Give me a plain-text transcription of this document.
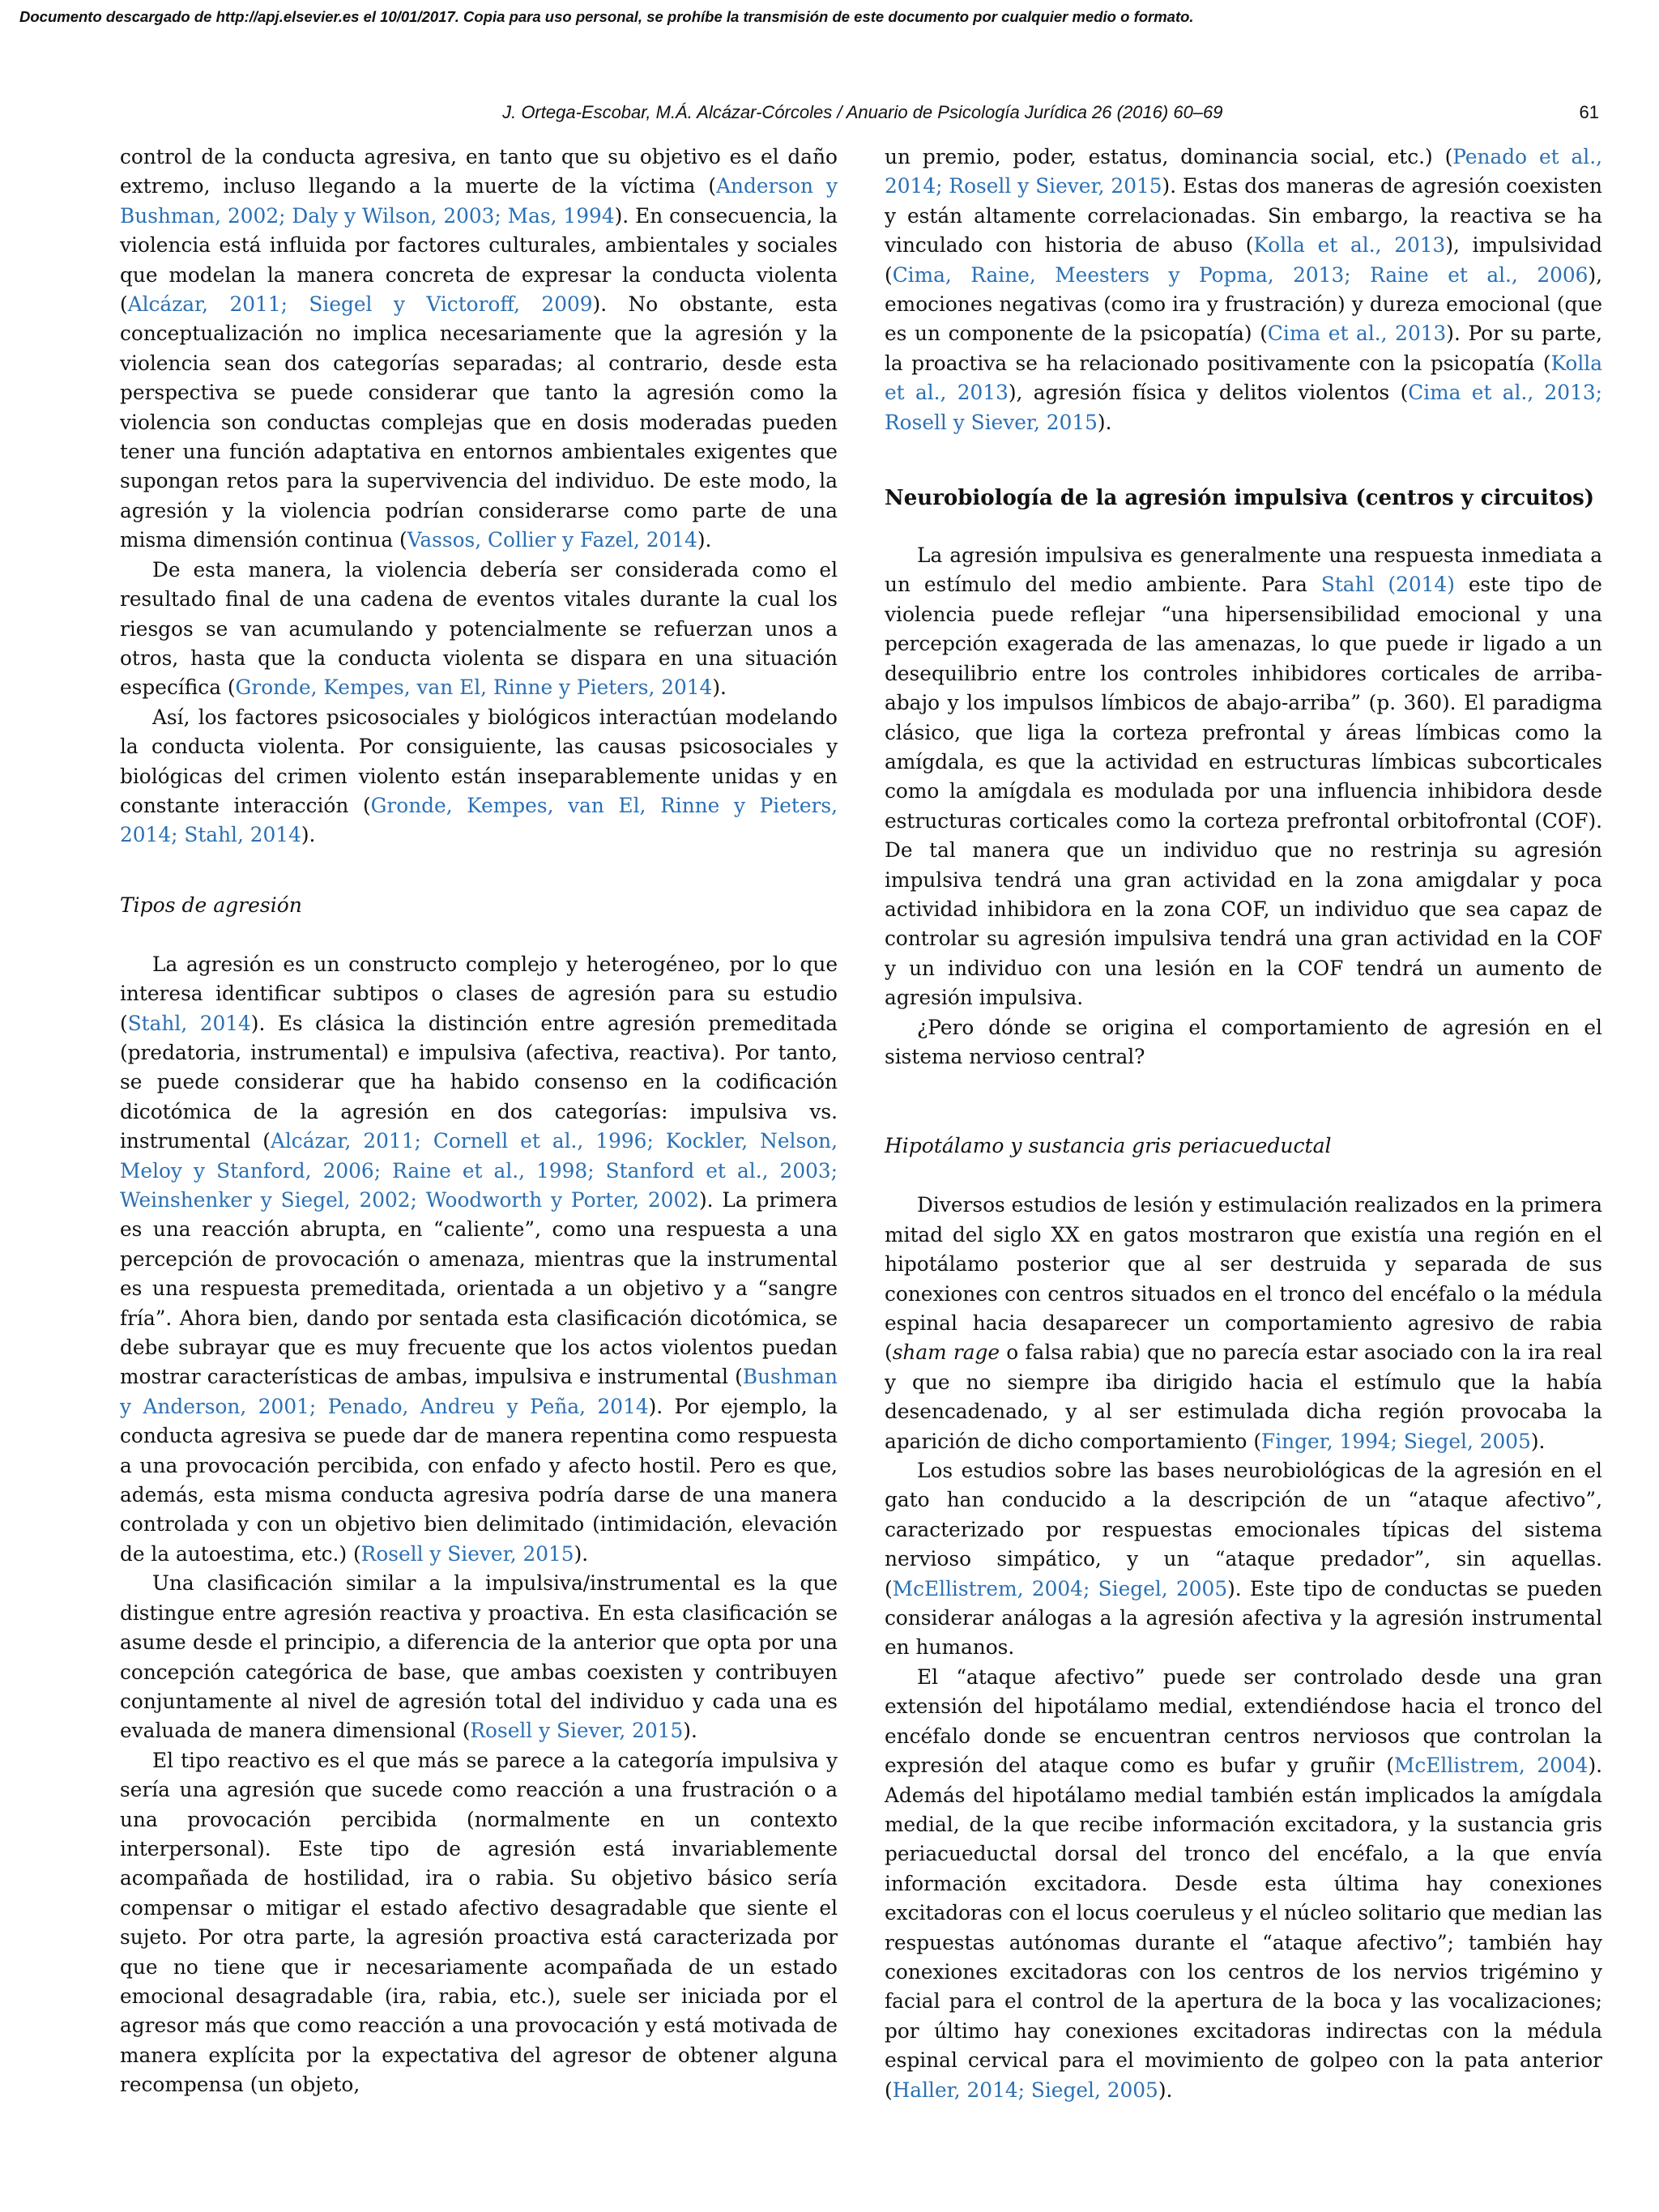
Documento descargado de http://apj.elsevier.es el 10/01/2017. Copia para uso personal, se prohíbe la transmisión de este documento por cualquier medio o formato.
J. Ortega-Escobar, M.Á. Alcázar-Córcoles / Anuario de Psicología Jurídica 26 (2016) 60–69	61

control de la conducta agresiva, en tanto que su objetivo es el daño extremo, incluso llegando a la muerte de la víctima (Anderson y Bushman, 2002; Daly y Wilson, 2003; Mas, 1994). En consecuencia, la violencia está influida por factores culturales, ambientales y sociales que modelan la manera concreta de expresar la conducta violenta (Alcázar, 2011; Siegel y Victoroff, 2009). No obstante, esta conceptualización no implica necesariamente que la agresión y la violencia sean dos categorías separadas; al contrario, desde esta perspectiva se puede considerar que tanto la agresión como la violencia son conductas complejas que en dosis moderadas pueden tener una función adaptativa en entornos ambientales exigentes que supongan retos para la supervivencia del individuo. De este modo, la agresión y la violencia podrían considerarse como parte de una misma dimensión continua (Vassos, Collier y Fazel, 2014).

De esta manera, la violencia debería ser considerada como el resultado final de una cadena de eventos vitales durante la cual los riesgos se van acumulando y potencialmente se refuerzan unos a otros, hasta que la conducta violenta se dispara en una situación específica (Gronde, Kempes, van El, Rinne y Pieters, 2014).

Así, los factores psicosociales y biológicos interactúan modelando la conducta violenta. Por consiguiente, las causas psicosociales y biológicas del crimen violento están inseparablemente unidas y en constante interacción (Gronde, Kempes, van El, Rinne y Pieters, 2014; Stahl, 2014).

Tipos de agresión

La agresión es un constructo complejo y heterogéneo, por lo que interesa identificar subtipos o clases de agresión para su estudio (Stahl, 2014). Es clásica la distinción entre agresión premeditada (predatoria, instrumental) e impulsiva (afectiva, reactiva). Por tanto, se puede considerar que ha habido consenso en la codificación dicotómica de la agresión en dos categorías: impulsiva vs. instrumental (Alcázar, 2011; Cornell et al., 1996; Kockler, Nelson, Meloy y Stanford, 2006; Raine et al., 1998; Stanford et al., 2003; Weinshenker y Siegel, 2002; Woodworth y Porter, 2002). La primera es una reacción abrupta, en “caliente”, como una respuesta a una percepción de provocación o amenaza, mientras que la instrumental es una respuesta premeditada, orientada a un objetivo y a “sangre fría”. Ahora bien, dando por sentada esta clasificación dicotómica, se debe subrayar que es muy frecuente que los actos violentos puedan mostrar características de ambas, impulsiva e instrumental (Bushman y Anderson, 2001; Penado, Andreu y Peña, 2014). Por ejemplo, la conducta agresiva se puede dar de manera repentina como respuesta a una provocación percibida, con enfado y afecto hostil. Pero es que, además, esta misma conducta agresiva podría darse de una manera controlada y con un objetivo bien delimitado (intimidación, elevación de la autoestima, etc.) (Rosell y Siever, 2015).

Una clasificación similar a la impulsiva/instrumental es la que distingue entre agresión reactiva y proactiva. En esta clasificación se asume desde el principio, a diferencia de la anterior que opta por una concepción categórica de base, que ambas coexisten y contribuyen conjuntamente al nivel de agresión total del individuo y cada una es evaluada de manera dimensional (Rosell y Siever, 2015).

El tipo reactivo es el que más se parece a la categoría impulsiva y sería una agresión que sucede como reacción a una frustración o a una provocación percibida (normalmente en un contexto interpersonal). Este tipo de agresión está invariablemente acompañada de hostilidad, ira o rabia. Su objetivo básico sería compensar o mitigar el estado afectivo desagradable que siente el sujeto. Por otra parte, la agresión proactiva está caracterizada por que no tiene que ir necesariamente acompañada de un estado emocional desagradable (ira, rabia, etc.), suele ser iniciada por el agresor más que como reacción a una provocación y está motivada de manera explícita por la expectativa del agresor de obtener alguna recompensa (un objeto,

un premio, poder, estatus, dominancia social, etc.) (Penado et al., 2014; Rosell y Siever, 2015). Estas dos maneras de agresión coexisten y están altamente correlacionadas. Sin embargo, la reactiva se ha vinculado con historia de abuso (Kolla et al., 2013), impulsividad (Cima, Raine, Meesters y Popma, 2013; Raine et al., 2006), emociones negativas (como ira y frustración) y dureza emocional (que es un componente de la psicopatía) (Cima et al., 2013). Por su parte, la proactiva se ha relacionado positivamente con la psicopatía (Kolla et al., 2013), agresión física y delitos violentos (Cima et al., 2013; Rosell y Siever, 2015).

Neurobiología de la agresión impulsiva (centros y circuitos)

La agresión impulsiva es generalmente una respuesta inmediata a un estímulo del medio ambiente. Para Stahl (2014) este tipo de violencia puede reflejar “una hipersensibilidad emocional y una percepción exagerada de las amenazas, lo que puede ir ligado a un desequilibrio entre los controles inhibidores corticales de arriba-abajo y los impulsos límbicos de abajo-arriba” (p. 360). El paradigma clásico, que liga la corteza prefrontal y áreas límbicas como la amígdala, es que la actividad en estructuras límbicas subcorticales como la amígdala es modulada por una influencia inhibidora desde estructuras corticales como la corteza prefrontal orbitofrontal (COF). De tal manera que un individuo que no restrinja su agresión impulsiva tendrá una gran actividad en la zona amigdalar y poca actividad inhibidora en la zona COF, un individuo que sea capaz de controlar su agresión impulsiva tendrá una gran actividad en la COF y un individuo con una lesión en la COF tendrá un aumento de agresión impulsiva.

¿Pero dónde se origina el comportamiento de agresión en el sistema nervioso central?

Hipotálamo y sustancia gris periacueductal

Diversos estudios de lesión y estimulación realizados en la primera mitad del siglo XX en gatos mostraron que existía una región en el hipotálamo posterior que al ser destruida y separada de sus conexiones con centros situados en el tronco del encéfalo o la médula espinal hacia desaparecer un comportamiento agresivo de rabia (sham rage o falsa rabia) que no parecía estar asociado con la ira real y que no siempre iba dirigido hacia el estímulo que la había desencadenado, y al ser estimulada dicha región provocaba la aparición de dicho comportamiento (Finger, 1994; Siegel, 2005).

Los estudios sobre las bases neurobiológicas de la agresión en el gato han conducido a la descripción de un “ataque afectivo”, caracterizado por respuestas emocionales típicas del sistema nervioso simpático, y un “ataque predador”, sin aquellas. (McEllistrem, 2004; Siegel, 2005). Este tipo de conductas se pueden considerar análogas a la agresión afectiva y la agresión instrumental en humanos.

El “ataque afectivo” puede ser controlado desde una gran extensión del hipotálamo medial, extendiéndose hacia el tronco del encéfalo donde se encuentran centros nerviosos que controlan la expresión del ataque como es bufar y gruñir (McEllistrem, 2004). Además del hipotálamo medial también están implicados la amígdala medial, de la que recibe información excitadora, y la sustancia gris periacueductal dorsal del tronco del encéfalo, a la que envía información excitadora. Desde esta última hay conexiones excitadoras con el locus coeruleus y el núcleo solitario que median las respuestas autónomas durante el “ataque afectivo”; también hay conexiones excitadoras con los centros de los nervios trigémino y facial para el control de la apertura de la boca y las vocalizaciones; por último hay conexiones excitadoras indirectas con la médula espinal cervical para el movimiento de golpeo con la pata anterior (Haller, 2014; Siegel, 2005).
